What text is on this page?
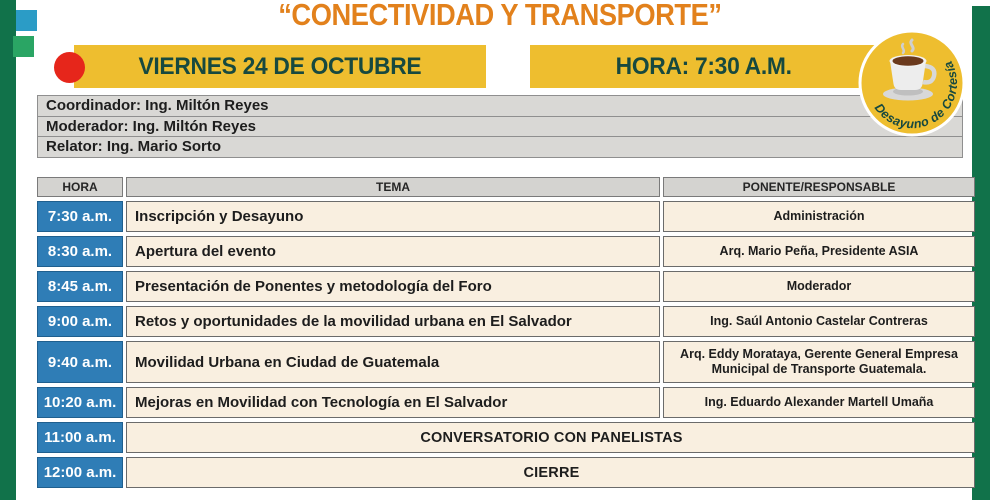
“CONECTIVIDAD Y TRANSPORTE”
VIERNES 24 DE OCTUBRE	HORA: 7:30 A.M.
Coordinador: Ing. Miltón Reyes
Moderador: Ing. Miltón Reyes
Relator: Ing. Mario Sorto
Desayuno de Cortesía
HORA	TEMA	PONENTE/RESPONSABLE
7:30 a.m.	Inscripción y Desayuno	Administración
8:30 a.m.	Apertura del evento	Arq. Mario Peña, Presidente ASIA
8:45 a.m.	Presentación de Ponentes y metodología del Foro	Moderador
9:00 a.m.	Retos y oportunidades de la movilidad urbana en El Salvador	Ing. Saúl Antonio Castelar Contreras
9:40 a.m.	Movilidad Urbana en Ciudad de Guatemala	Arq. Eddy Morataya, Gerente General Empresa Municipal de Transporte Guatemala.
10:20 a.m.	Mejoras en Movilidad con Tecnología en El Salvador	Ing. Eduardo Alexander Martell Umaña
11:00 a.m.	CONVERSATORIO CON PANELISTAS	
12:00 a.m.	CIERRE	
